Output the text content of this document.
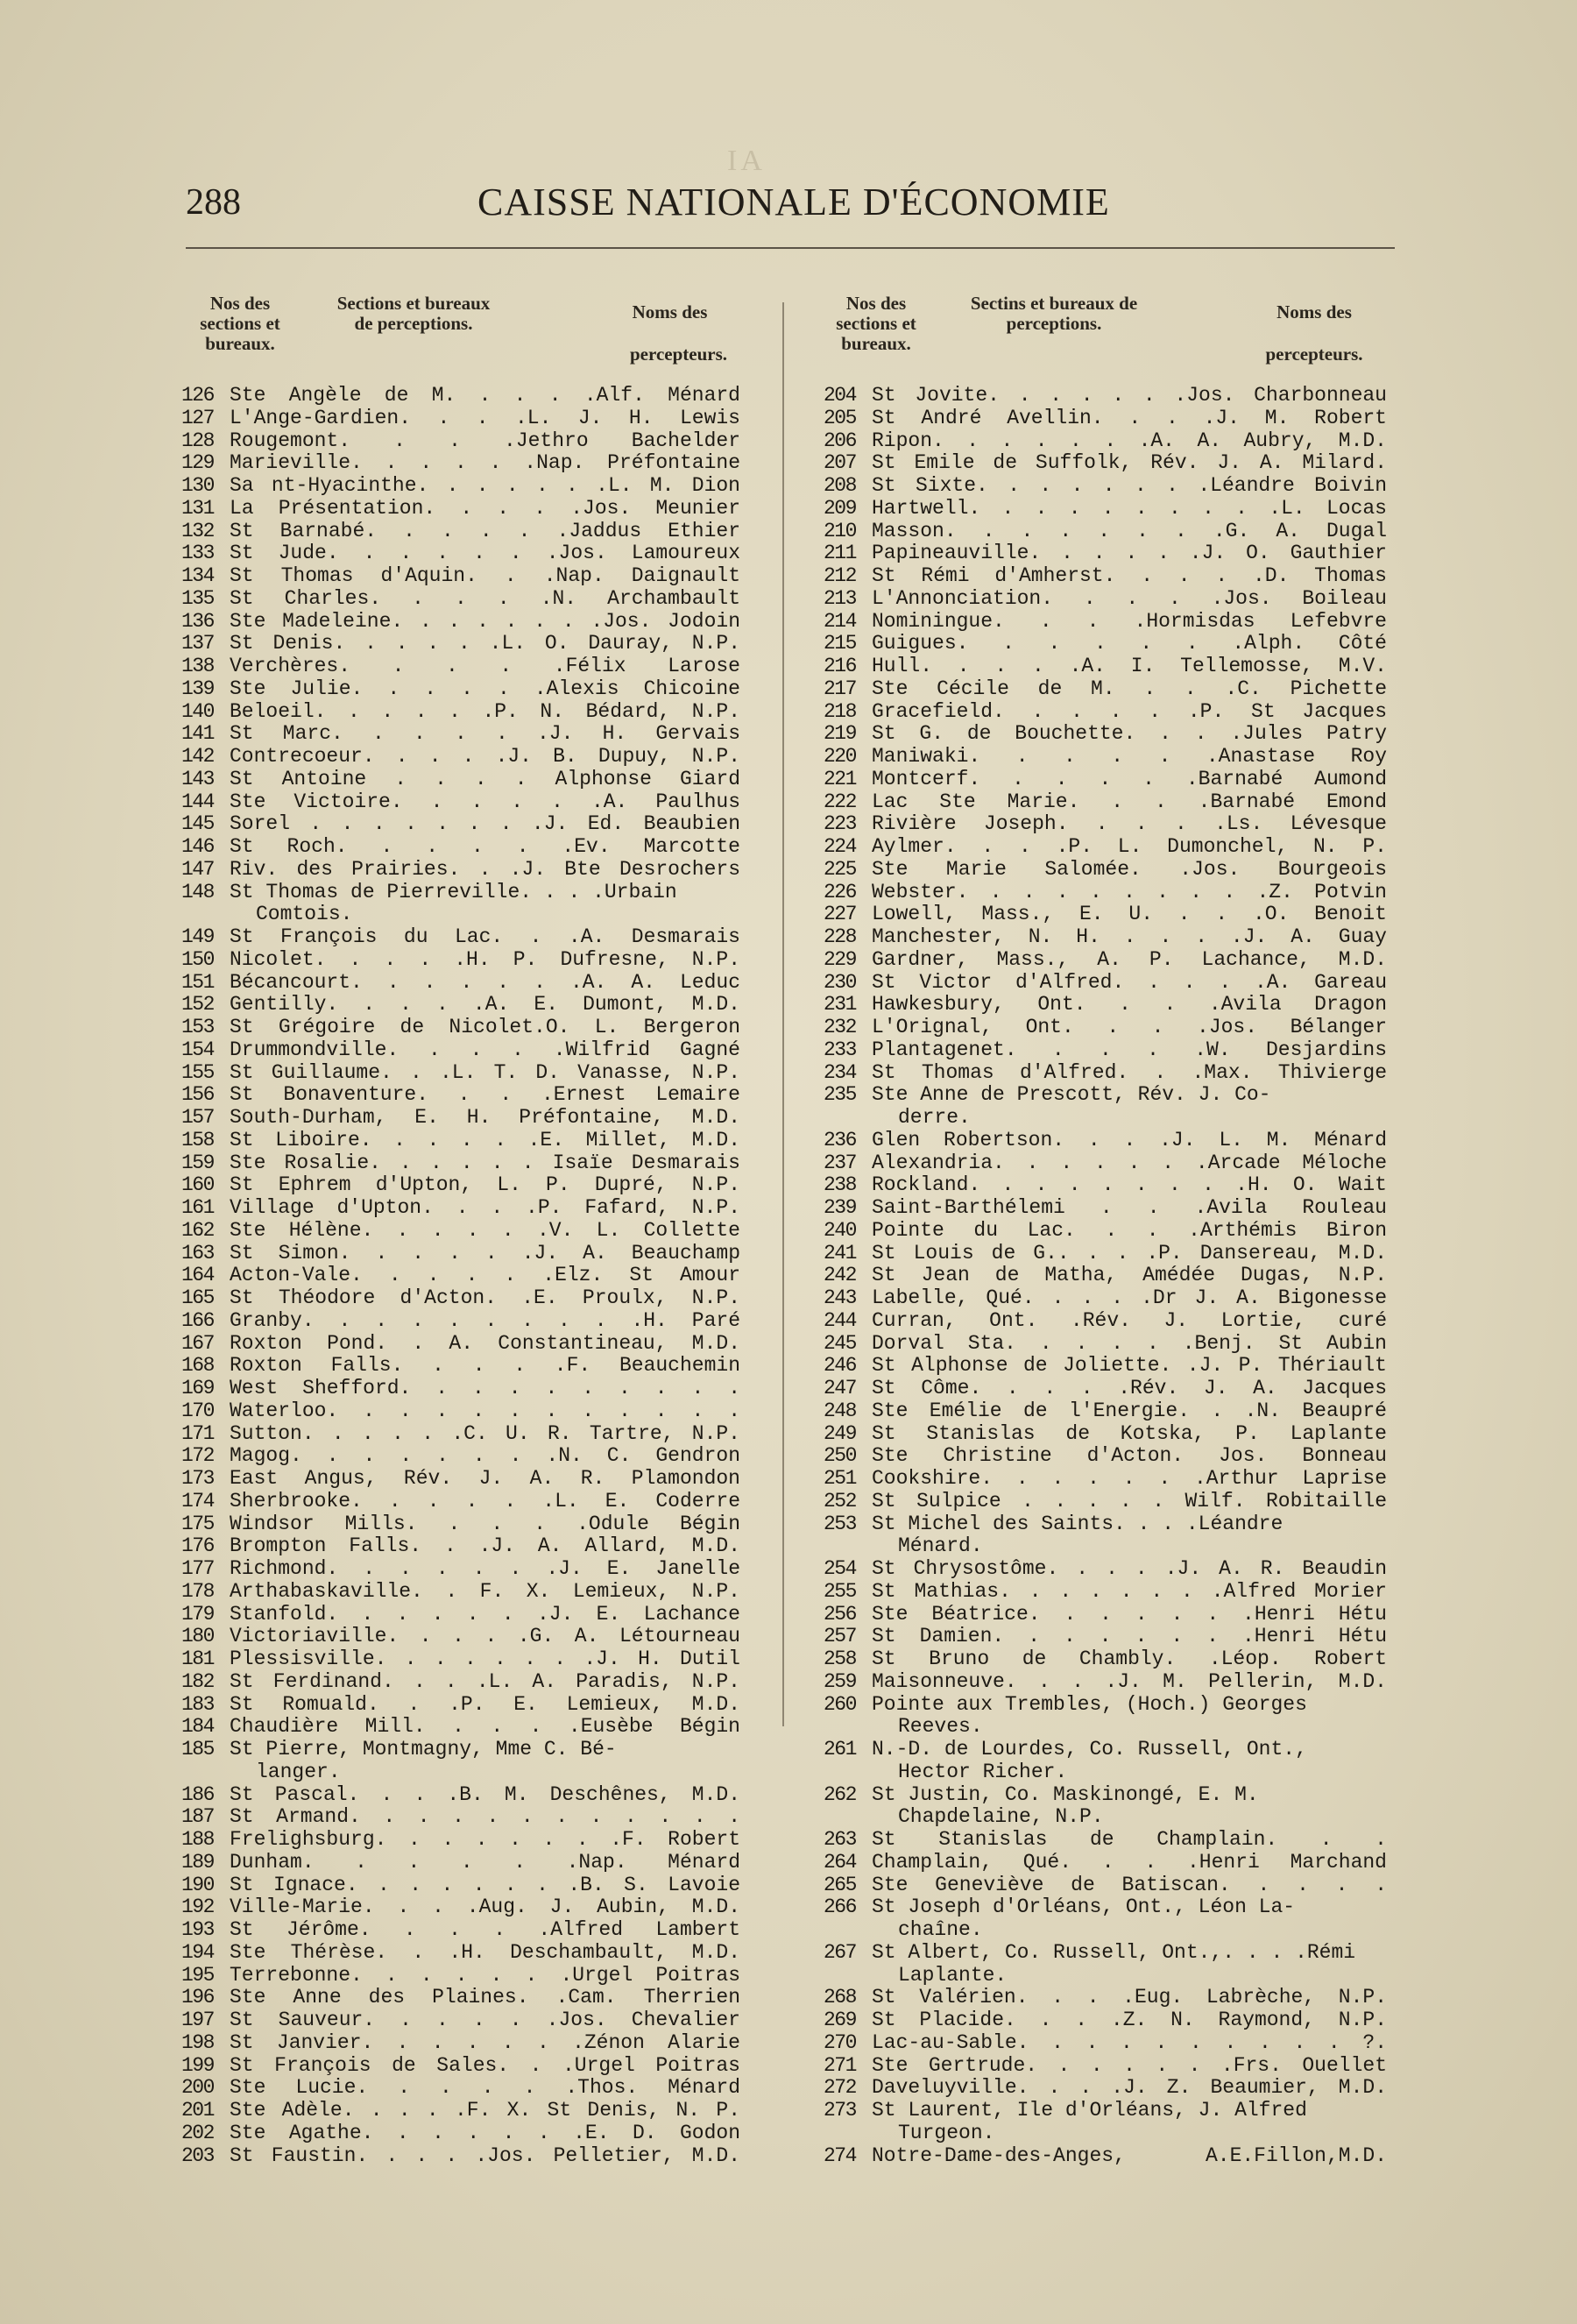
IA
288	CAISSE NATIONALE D'ÉCONOMIE
Nos des sections et bureaux.
Sections et bureaux de perceptions.
Noms des
percepteurs.
126 Ste Angèle de M. . . . .Alf. Ménard
127 L'Ange-Gardien. . . .L. J. H. Lewis
128 Rougemont. . . .Jethro Bachelder
129 Marieville. . . . . .Nap. Préfontaine
130 Sa nt-Hyacinthe. . . . . . .L. M. Dion
131 La Présentation. . . . .Jos. Meunier
132 St Barnabé. . . . . .Jaddus Ethier
133 St Jude. . . . . . .Jos. Lamoureux
134 St Thomas d'Aquin. . .Nap. Daignault
135 St Charles. . . . .N. Archambault
136 Ste Madeleine. . . . . . . .Jos. Jodoin
137 St Denis. . . . . .L. O. Dauray, N.P.
138 Verchères. . . . .Félix Larose
139 Ste Julie. . . . . .Alexis Chicoine
140 Beloeil. . . . . .P. N. Bédard, N.P.
141 St Marc. . . . . .J. H. Gervais
142 Contrecoeur. . . . .J. B. Dupuy, N.P.
143 St Antoine . . . . Alphonse Giard
144 Ste Victoire. . . . . .A. Paulhus
145 Sorel . . . . . . . .J. Ed. Beaubien
146 St Roch. . . . . .Ev. Marcotte
147 Riv. des Prairies. . .J. Bte Desrochers
148 St Thomas de Pierreville. . . .Urbain
Comtois.
149 St François du Lac. . .A. Desmarais
150 Nicolet. . . . .H. P. Dufresne, N.P.
151 Bécancourt. . . . . . .A. A. Leduc
152 Gentilly. . . . .A. E. Dumont, M.D.
153 St Grégoire de Nicolet.O. L. Bergeron
154 Drummondville. . . . .Wilfrid Gagné
155 St Guillaume. . .L. T. D. Vanasse, N.P.
156 St Bonaventure. . . .Ernest Lemaire
157 South-Durham, E. H. Préfontaine, M.D.
158 St Liboire. . . . . .E. Millet, M.D.
159 Ste Rosalie. . . . . . Isaïe Desmarais
160 St Ephrem d'Upton, L. P. Dupré, N.P.
161 Village d'Upton. . . .P. Fafard, N.P.
162 Ste Hélène. . . . . .V. L. Collette
163 St Simon. . . . . .J. A. Beauchamp
164 Acton-Vale. . . . . .Elz. St Amour
165 St Théodore d'Acton. .E. Proulx, N.P.
166 Granby. . . . . . . . . .H. Paré
167 Roxton Pond. . A. Constantineau, M.D.
168 Roxton Falls. . . . .F. Beauchemin
169 West Shefford. . . . . . . . . .
170 Waterloo. . . . . . . . . . . .
171 Sutton. . . . . .C. U. R. Tartre, N.P.
172 Magog. . . . . . . .N. C. Gendron
173 East Angus, Rév. J. A. R. Plamondon
174 Sherbrooke. . . . . .L. E. Coderre
175 Windsor Mills. . . . .Odule Bégin
176 Brompton Falls. . .J. A. Allard, M.D.
177 Richmond. . . . . . .J. E. Janelle
178 Arthabaskaville. . F. X. Lemieux, N.P.
179 Stanfold. . . . . . .J. E. Lachance
180 Victoriaville. . . . .G. A. Létourneau
181 Plessisville. . . . . . . .J. H. Dutil
182 St Ferdinand. . . .L. A. Paradis, N.P.
183 St Romuald. . .P. E. Lemieux, M.D.
184 Chaudière Mill. . . . .Eusèbe Bégin
185 St Pierre, Montmagny, Mme C. Bé-
langer.
186 St Pascal. . . .B. M. Deschênes, M.D.
187 St Armand. . . . . . . . . . . .
188 Frelighsburg. . . . . . . .F. Robert
189 Dunham. . . . . .Nap. Ménard
190 St Ignace. . . . . . . .B. S. Lavoie
192 Ville-Marie. . . .Aug. J. Aubin, M.D.
193 St Jérôme. . . . .Alfred Lambert
194 Ste Thérèse. . .H. Deschambault, M.D.
195 Terrebonne. . . . . . .Urgel Poitras
196 Ste Anne des Plaines. .Cam. Therrien
197 St Sauveur. . . . . .Jos. Chevalier
198 St Janvier. . . . . . .Zénon Alarie
199 St François de Sales. . .Urgel Poitras
200 Ste Lucie. . . . . .Thos. Ménard
201 Ste Adèle. . . . .F. X. St Denis, N. P.
202 Ste Agathe. . . . . . .E. D. Godon
203 St Faustin. . . . .Jos. Pelletier, M.D.
Nos des sections et bureaux.
Sectins et bureaux de perceptions.
Noms des
percepteurs.
204 St Jovite. . . . . . .Jos. Charbonneau
205 St André Avellin. . . .J. M. Robert
206 Ripon. . . . . . .A. A. Aubry, M.D.
207 St Emile de Suffolk, Rév. J. A. Milard.
208 St Sixte. . . . . . . .Léandre Boivin
209 Hartwell. . . . . . . . . .L. Locas
210 Masson. . . . . . . .G. A. Dugal
211 Papineauville. . . . . .J. O. Gauthier
212 St Rémi d'Amherst. . . . .D. Thomas
213 L'Annonciation. . . . .Jos. Boileau
214 Nominingue. . . .Hormisdas Lefebvre
215 Guigues. . . . . . .Alph. Côté
216 Hull. . . . .A. I. Tellemosse, M.V.
217 Ste Cécile de M. . . .C. Pichette
218 Gracefield. . . . . .P. St Jacques
219 St G. de Bouchette. . . .Jules Patry
220 Maniwaki. . . . . .Anastase Roy
221 Montcerf. . . . . .Barnabé Aumond
222 Lac Ste Marie. . . .Barnabé Emond
223 Rivière Joseph. . . . .Ls. Lévesque
224 Aylmer. . . .P. L. Dumonchel, N. P.
225 Ste Marie Salomée. .Jos. Bourgeois
226 Webster. . . . . . . . . .Z. Potvin
227 Lowell, Mass., E. U. . . .O. Benoit
228 Manchester, N. H. . . . .J. A. Guay
229 Gardner, Mass., A. P. Lachance, M.D.
230 St Victor d'Alfred. . . . .A. Gareau
231 Hawkesbury, Ont. . . .Avila Dragon
232 L'Orignal, Ont. . . .Jos. Bélanger
233 Plantagenet. . . . .W. Desjardins
234 St Thomas d'Alfred. . .Max. Thivierge
235 Ste Anne de Prescott, Rév. J. Co-
derre.
236 Glen Robertson. . . .J. L. M. Ménard
237 Alexandria. . . . . . .Arcade Méloche
238 Rockland. . . . . . . . .H. O. Wait
239 Saint-Barthélemi . . .Avila Rouleau
240 Pointe du Lac. . . .Arthémis Biron
241 St Louis de G.. . . .P. Dansereau, M.D.
242 St Jean de Matha, Amédée Dugas, N.P.
243 Labelle, Qué. . . . .Dr J. A. Bigonesse
244 Curran, Ont. .Rév. J. Lortie, curé
245 Dorval Sta. . . . . .Benj. St Aubin
246 St Alphonse de Joliette. .J. P. Thériault
247 St Côme. . . . .Rév. J. A. Jacques
248 Ste Emélie de l'Energie. . .N. Beaupré
249 St Stanislas de Kotska, P. Laplante
250 Ste Christine d'Acton. Jos. Bonneau
251 Cookshire. . . . . . .Arthur Laprise
252 St Sulpice . . . . . Wilf. Robitaille
253 St Michel des Saints. . . .Léandre
Ménard.
254 St Chrysostôme. . . . .J. A. R. Beaudin
255 St Mathias. . . . . . . .Alfred Morier
256 Ste Béatrice. . . . . . .Henri Hétu
257 St Damien. . . . . . . .Henri Hétu
258 St Bruno de Chambly. .Léop. Robert
259 Maisonneuve. . . .J. M. Pellerin, M.D.
260 Pointe aux Trembles, (Hoch.) Georges
Reeves.
261 N.-D. de Lourdes, Co. Russell, Ont.,
Hector Richer.
262 St Justin, Co. Maskinongé, E. M.
Chapdelaine, N.P.
263 St Stanislas de Champlain. . .
264 Champlain, Qué. . . .Henri Marchand
265 Ste Geneviève de Batiscan. . . . .
266 St Joseph d'Orléans, Ont., Léon La-
chaîne.
267 St Albert, Co. Russell, Ont.,. . . .Rémi
Laplante.
268 St Valérien. . . .Eug. Labrèche, N.P.
269 St Placide. . . .Z. N. Raymond, N.P.
270 Lac-au-Sable. . . . . . . . . . ?.
271 Ste Gertrude. . . . . . .Frs. Ouellet
272 Daveluyville. . . .J. Z. Beaumier, M.D.
273 St Laurent, Ile d'Orléans, J. Alfred
Turgeon.
274 Notre-Dame-des-Anges, A.E.Fillon,M.D.
